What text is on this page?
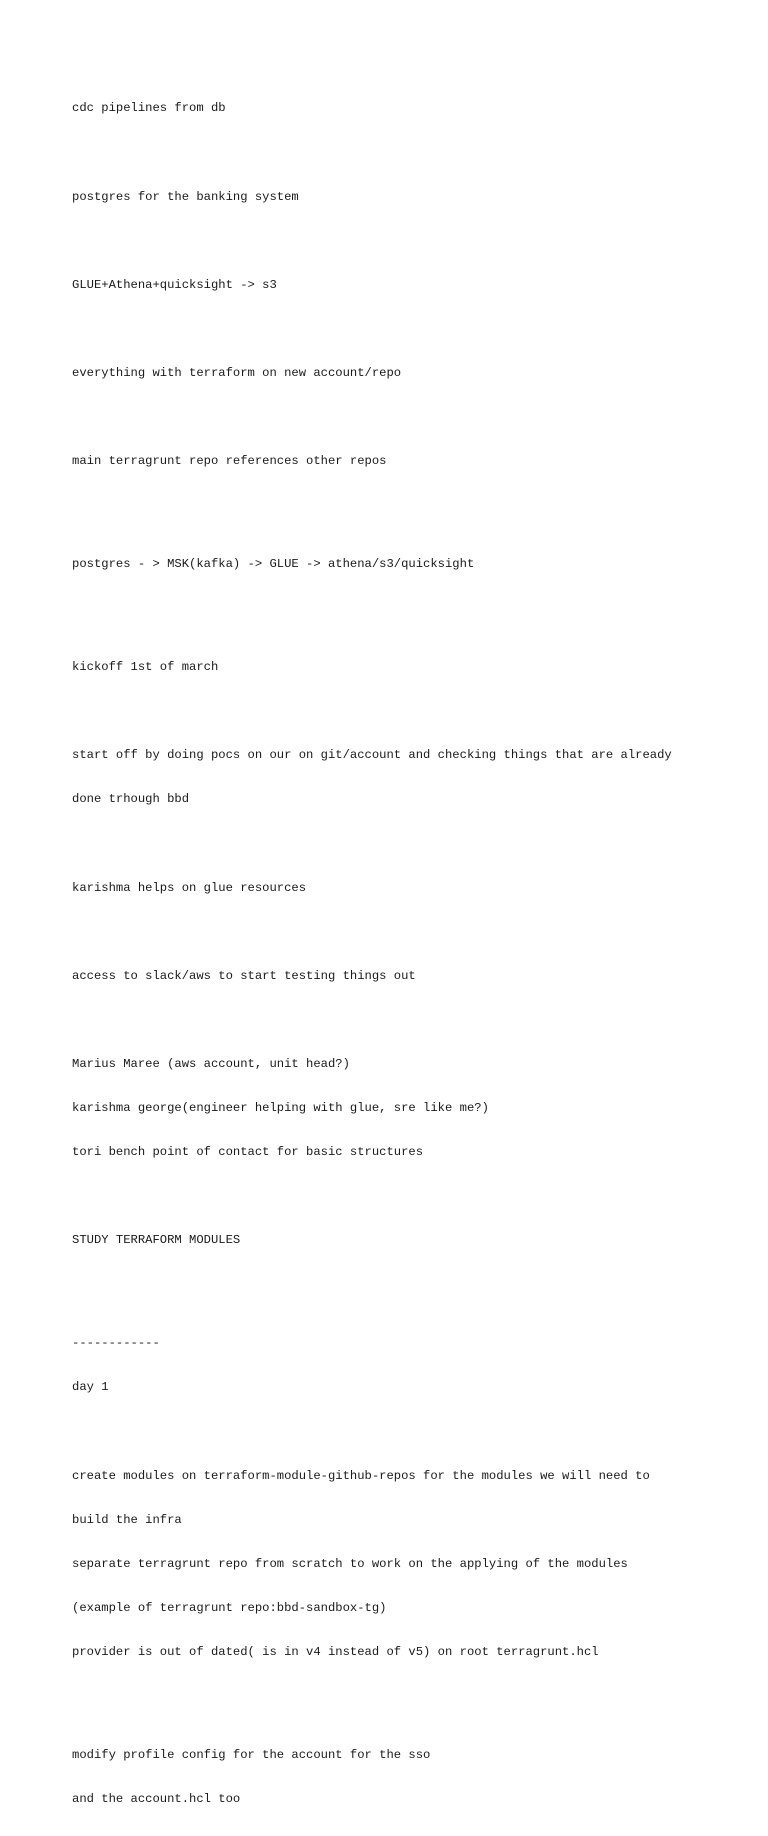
cdc pipelines from db

postgres for the banking system

GLUE+Athena+quicksight -> s3

everything with terraform on new account/repo

main terragrunt repo references other repos

postgres - > MSK(kafka) -> GLUE -> athena/s3/quicksight

kickoff 1st of march

start off by doing pocs on our on git/account and checking things that are already

done trhough bbd

karishma helps on glue resources

access to slack/aws to start testing things out

Marius Maree (aws account, unit head?)

karishma george(engineer helping with glue, sre like me?)

tori bench point of contact for basic structures

STUDY TERRAFORM MODULES

------------

day 1

create modules on terraform-module-github-repos for the modules we will need to

build the infra

separate terragrunt repo from scratch to work on the applying of the modules

(example of terragrunt repo:bbd-sandbox-tg)

provider is out of dated( is in v4 instead of v5) on root terragrunt.hcl

modify profile config for the account for the sso

and the account.hcl too
